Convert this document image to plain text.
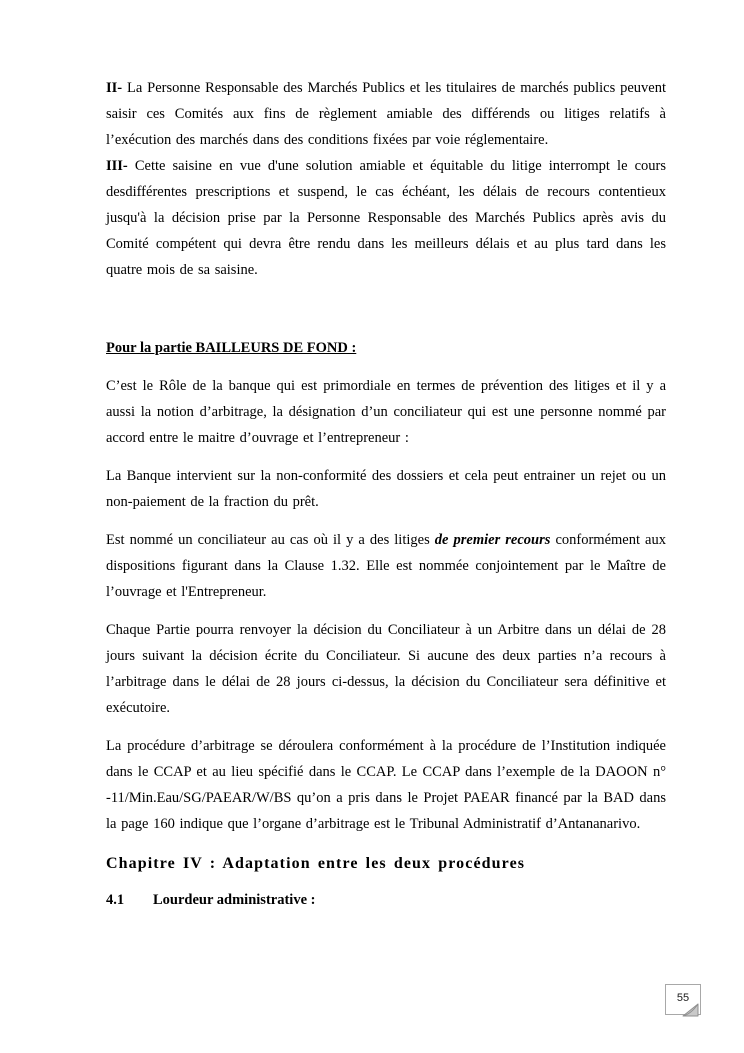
II- La Personne Responsable des Marchés Publics et les titulaires de marchés publics peuvent saisir ces Comités aux fins de règlement amiable des différends ou litiges relatifs à l’exécution des marchés dans des conditions fixées par voie réglementaire.

III- Cette saisine en vue d'une solution amiable et équitable du litige interrompt le cours desdifférentes prescriptions et suspend, le cas échéant, les délais de recours contentieux jusqu'à la décision prise par la Personne Responsable des Marchés Publics après avis du Comité compétent qui devra être rendu dans les meilleurs délais et au plus tard dans les quatre mois de sa saisine.

Pour la partie BAILLEURS DE FOND :

C’est le Rôle de la banque qui est primordiale en termes de prévention des litiges et il y a aussi la notion d’arbitrage, la désignation d’un conciliateur qui est une personne nommé par accord entre le maitre d’ouvrage et l’entrepreneur :

La Banque intervient sur la non-conformité des dossiers et cela peut entrainer un rejet ou un non-paiement de la fraction du prêt.

Est nommé un conciliateur au cas où il y a des litiges de premier recours conformément aux dispositions figurant dans la Clause 1.32. Elle est nommée conjointement par le Maître de l’ouvrage et l'Entrepreneur.

Chaque Partie pourra renvoyer la décision du Conciliateur à un Arbitre dans un délai de 28 jours suivant la décision écrite du Conciliateur. Si aucune des deux parties n’a recours à l’arbitrage dans le délai de 28 jours ci-dessus, la décision du Conciliateur sera définitive et exécutoire.

La procédure d’arbitrage se déroulera conformément à la procédure de l’Institution indiquée dans le CCAP et au lieu spécifié dans le CCAP. Le CCAP dans l’exemple de la DAOON n° -11/Min.Eau/SG/PAEAR/W/BS qu’on a pris dans le Projet PAEAR financé par la BAD dans la page 160 indique que l’organe d’arbitrage est le Tribunal Administratif d’Antananarivo.

Chapitre IV : Adaptation entre les deux procédures

4.1 Lourdeur administrative :

55
